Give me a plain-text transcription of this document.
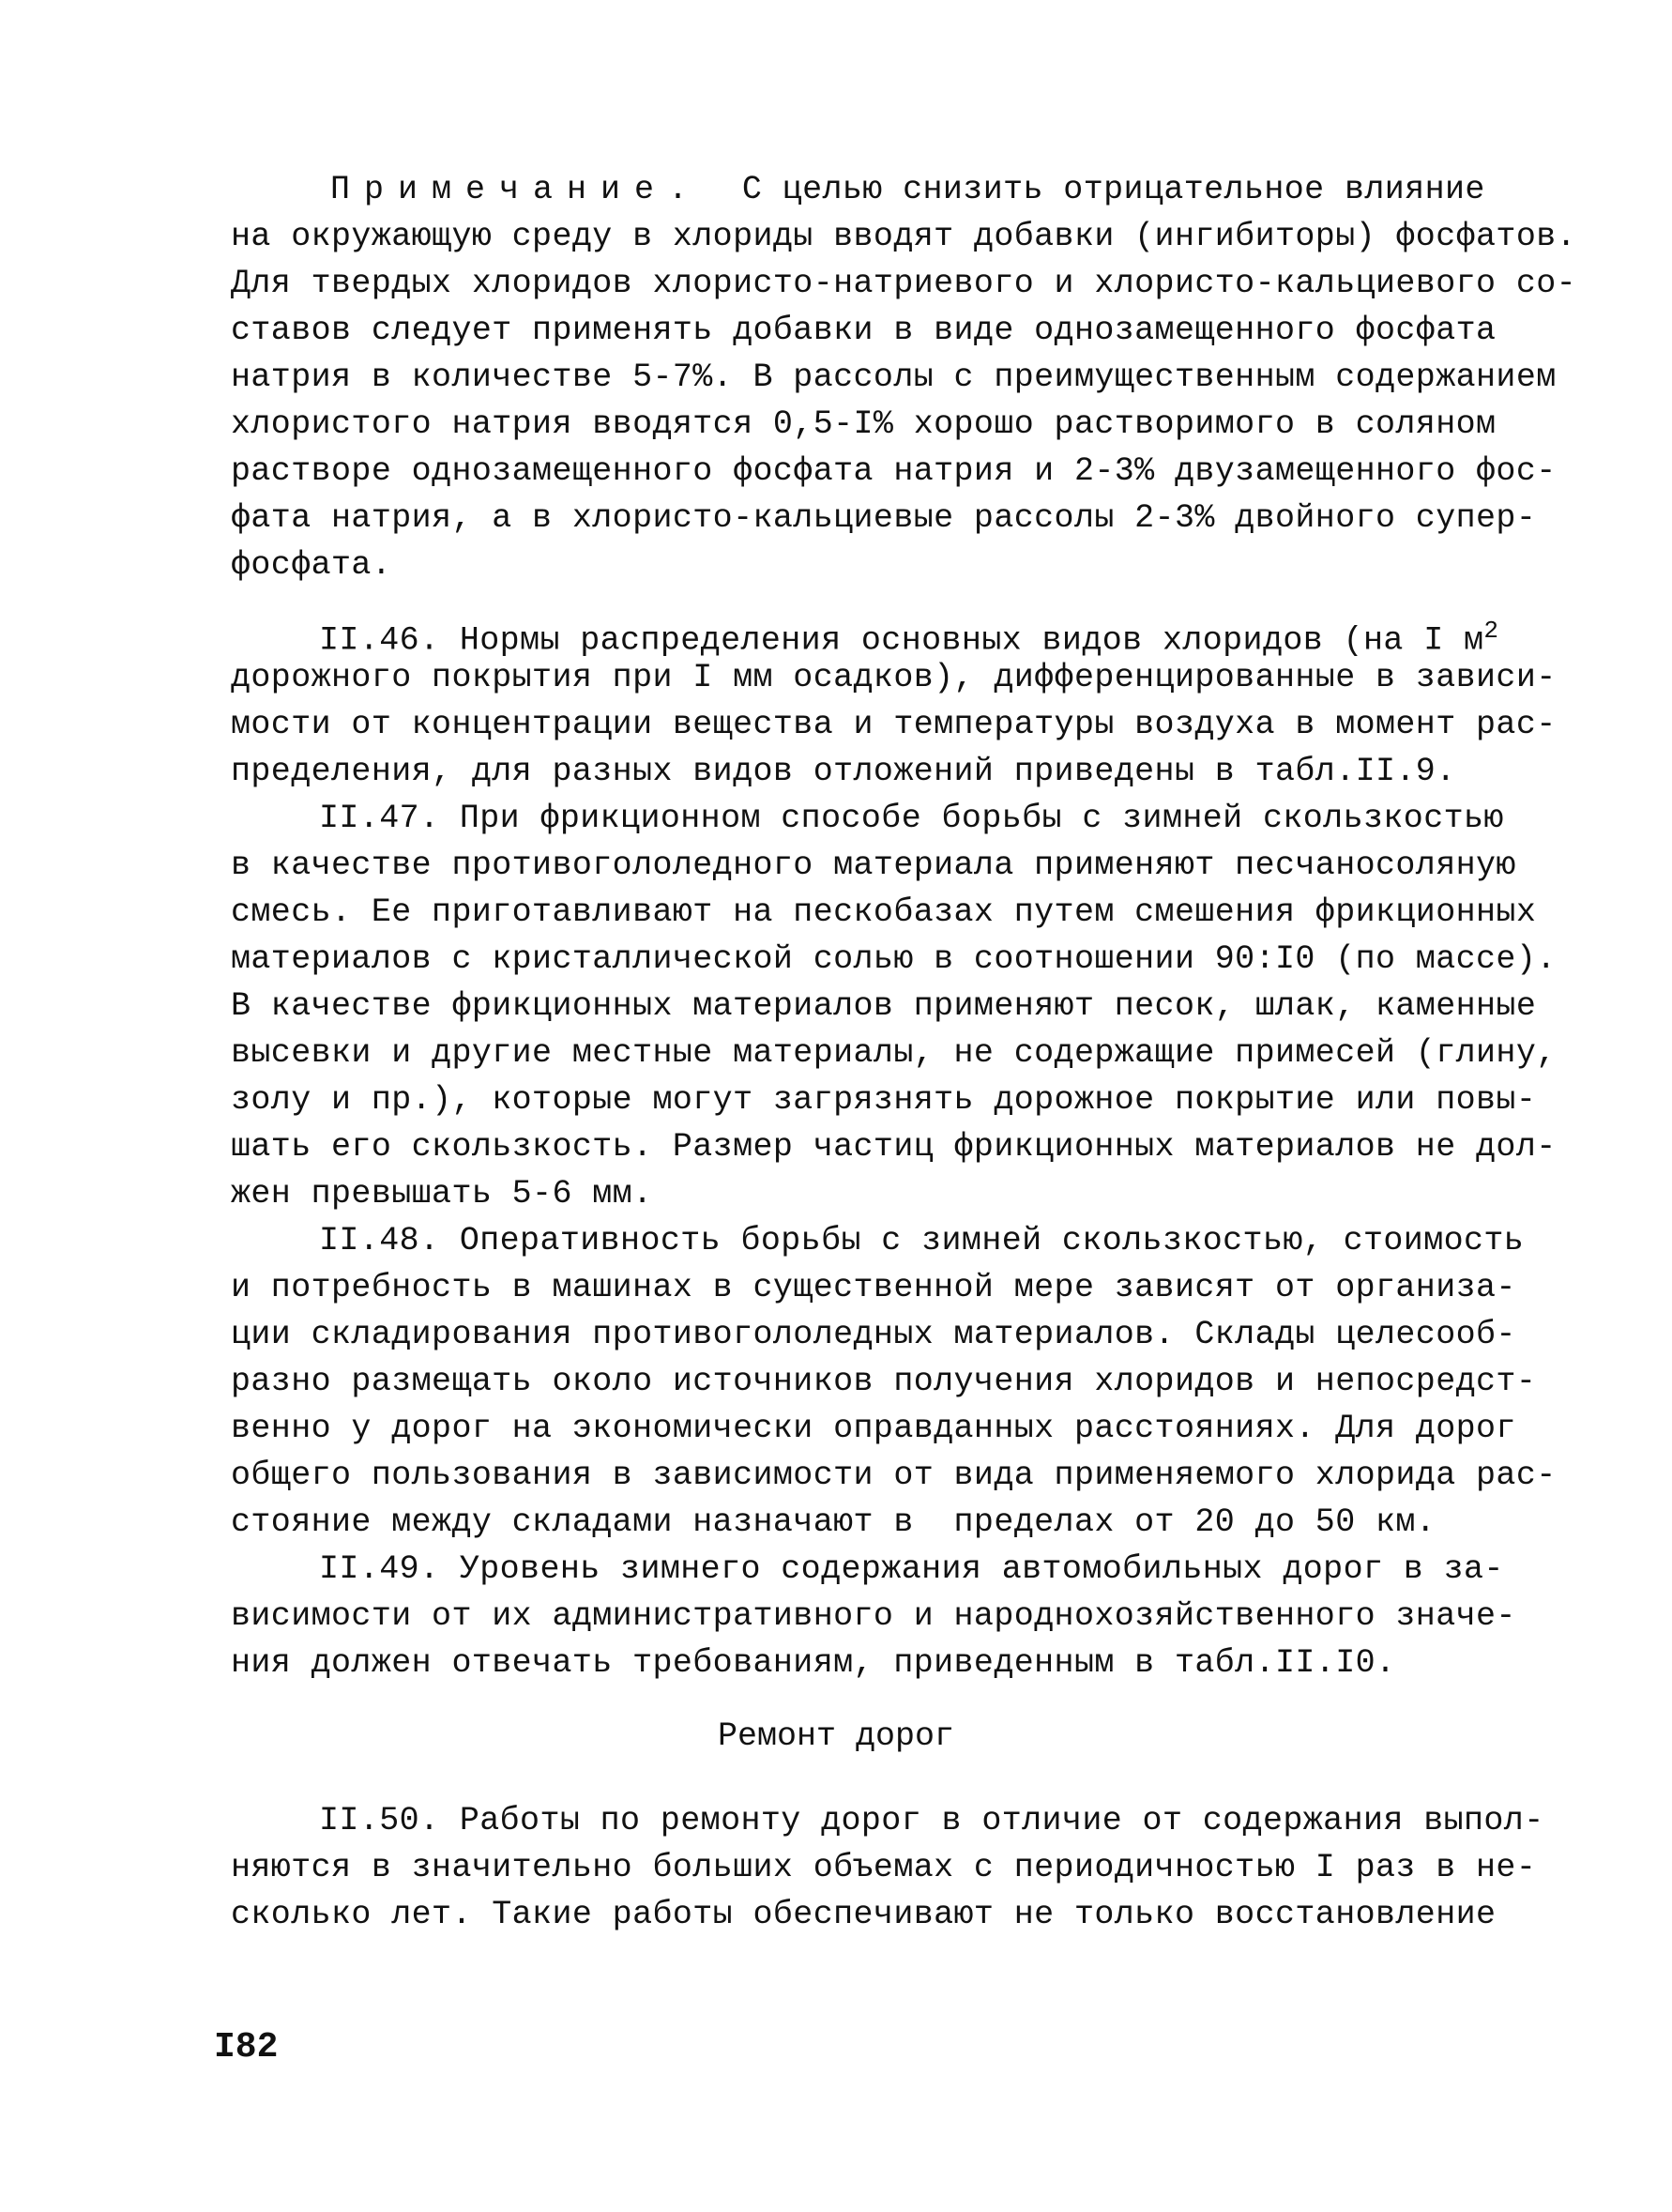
Примечание.  С целью снизить отрицательное влияние
на окружающую среду в хлориды вводят добавки (ингибиторы) фосфатов.
Для твердых хлоридов хлористо-натриевого и хлористо-кальциевого со-
ставов следует применять добавки в виде однозамещенного фосфата
натрия в количестве 5-7%. В рассолы с преимущественным содержанием
хлористого натрия вводятся 0,5-I% хорошо растворимого в соляном
растворе однозамещенного фосфата натрия и 2-3% двузамещенного фос-
фата натрия, а в хлористо-кальциевые рассолы 2-3% двойного супер-
фосфата.
II.46. Нормы распределения основных видов хлоридов (на I $м^2$
дорожного покрытия при I мм осадков), дифференцированные в зависи-
мости от концентрации вещества и температуры воздуха в момент рас-
пределения, для разных видов отложений приведены в табл.II.9.
II.47. При фрикционном способе борьбы с зимней скользкостью
в качестве противогололедного материала применяют песчаносоляную
смесь. Ее приготавливают на пескобазах путем смешения фрикционных
материалов с кристаллической солью в соотношении 90:I0 (по массе).
В качестве фрикционных материалов применяют песок, шлак, каменные
высевки и другие местные материалы, не содержащие примесей (глину,
золу и пр.), которые могут загрязнять дорожное покрытие или повы-
шать его скользкость. Размер частиц фрикционных материалов не дол-
жен превышать 5-6 мм.
II.48. Оперативность борьбы с зимней скользкостью, стоимость
и потребность в машинах в существенной мере зависят от организа-
ции складирования противогололедных материалов. Склады целесооб-
разно размещать около источников получения хлоридов и непосредст-
венно у дорог на экономически оправданных расстояниях. Для дорог
общего пользования в зависимости от вида применяемого хлорида рас-
стояние между складами назначают в  пределах от 20 до 50 км.
II.49. Уровень зимнего содержания автомобильных дорог в за-
висимости от их административного и народнохозяйственного значе-
ния должен отвечать требованиям, приведенным в табл.II.I0.
Ремонт дорог
II.50. Работы по ремонту дорог в отличие от содержания выпол-
няются в значительно больших объемах с периодичностью I раз в не-
сколько лет. Такие работы обеспечивают не только восстановление
I82
